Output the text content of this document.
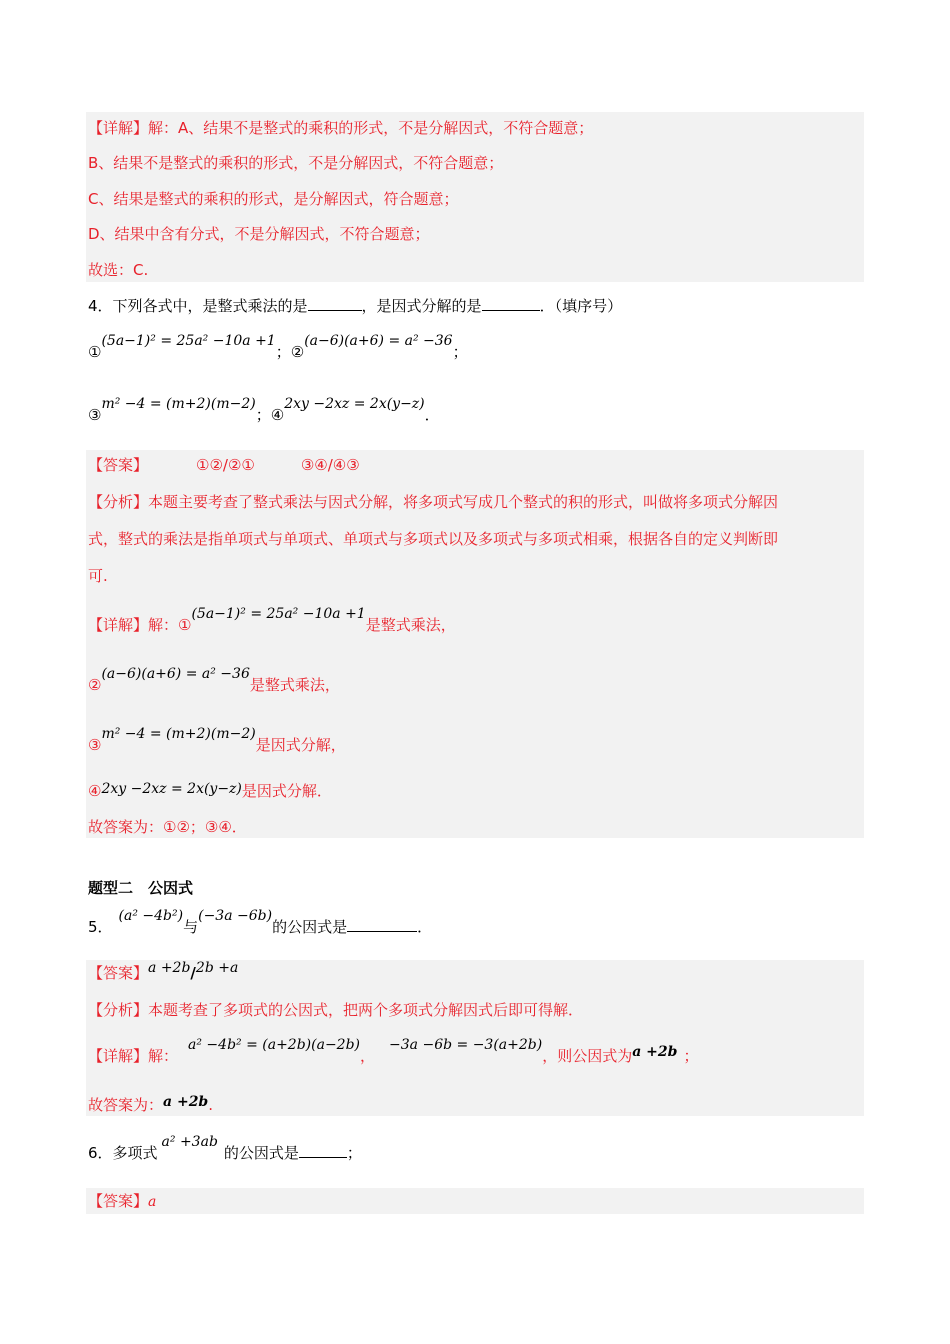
【详解】解：A、结果不是整式的乘积的形式，不是分解因式，不符合题意；
B、结果不是整式的乘积的形式，不是分解因式，不符合题意；
C、结果是整式的乘积的形式，是分解因式，符合题意；
D、结果中含有分式，不是分解因式，不符合题意；
故选：C.
4．下列各式中，是整式乘法的是	，是因式分解的是	．（填序号）
①(5a−1)² = 25a² −10a +1；②(a−6)(a+6) = a² −36；
③m² −4 = (m+2)(m−2)；④2xy −2xz = 2x(y−z)．
【答案】	①②/②①	③④/④③
【分析】本题主要考查了整式乘法与因式分解，将多项式写成几个整式的积的形式，叫做将多项式分解因
式，整式的乘法是指单项式与单项式、单项式与多项式以及多项式与多项式相乘，根据各自的定义判断即
可.
【详解】解：①(5a−1)² = 25a² −10a +1是整式乘法，
②(a−6)(a+6) = a² −36是整式乘法，
③m² −4 = (m+2)(m−2)是因式分解，
④2xy −2xz = 2x(y−z)是因式分解．
故答案为：①②；③④．
题型二　公因式
5．(a² −4b²)与(−3a −6b)的公因式是	．
【答案】a +2b/2b +a
【分析】本题考查了多项式的公因式，把两个多项式分解因式后即可得解．
【详解】解：a² −4b² = (a+2b)(a−2b)，−3a −6b = −3(a+2b)，则公因式为a +2b ；
故答案为：a +2b.
6．多项式a² +3ab的公因式是	；
【答案】a
